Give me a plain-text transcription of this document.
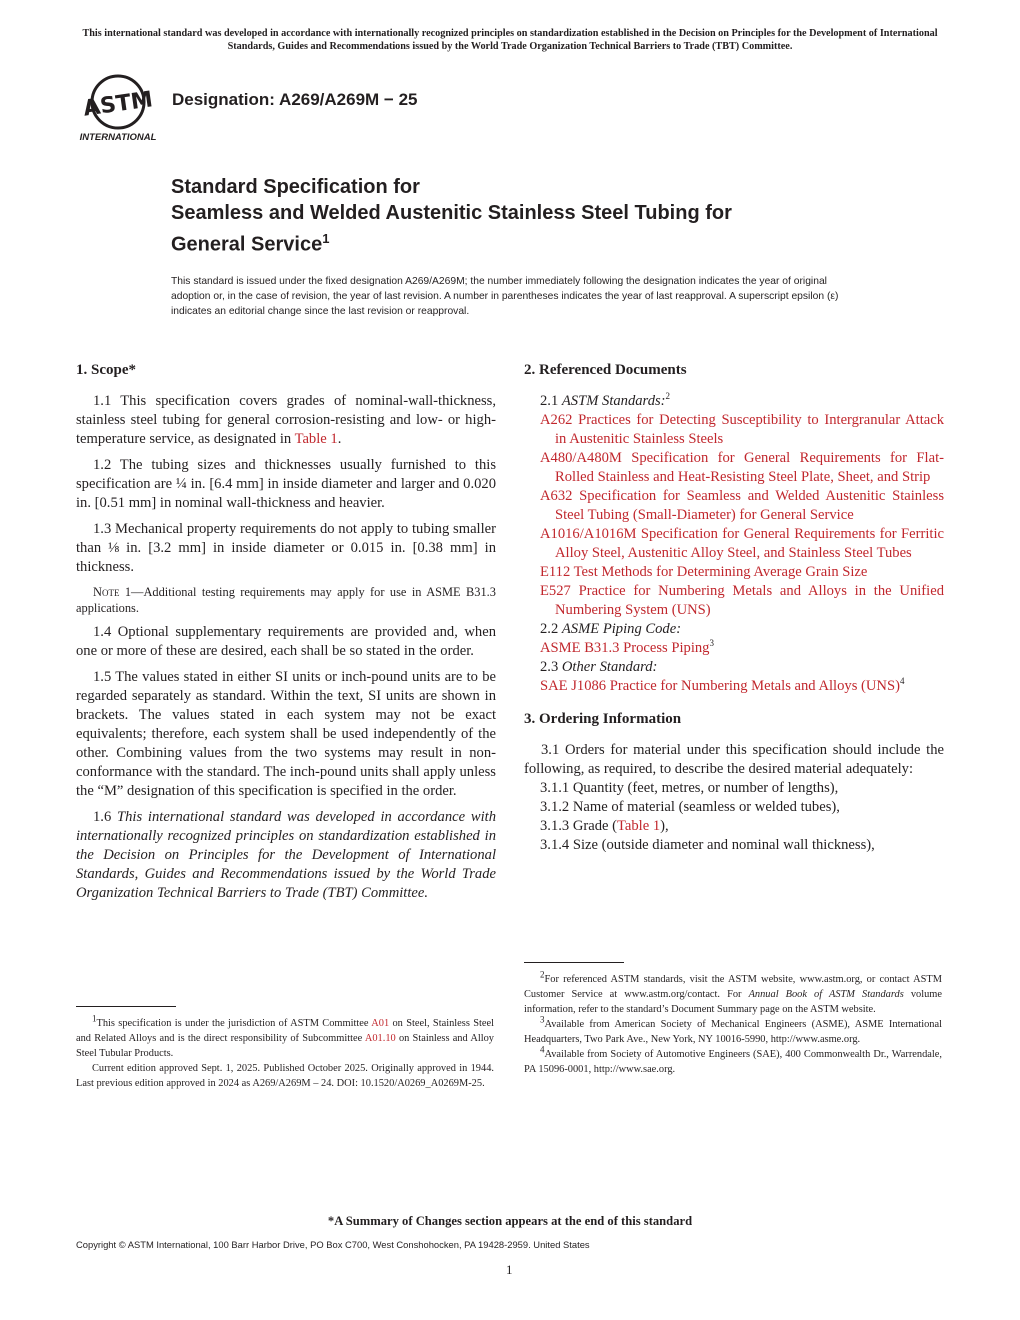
This international standard was developed in accordance with internationally recognized principles on standardization established in the Decision on Principles for the Development of International Standards, Guides and Recommendations issued by the World Trade Organization Technical Barriers to Trade (TBT) Committee.
ASTM
INTERNATIONAL
Designation: A269/A269M − 25
Standard Specification for
Seamless and Welded Austenitic Stainless Steel Tubing for
General Service$^1$
This standard is issued under the fixed designation A269/A269M; the number immediately following the designation indicates the year of original adoption or, in the case of revision, the year of last revision. A number in parentheses indicates the year of last reapproval. A superscript epsilon (ε) indicates an editorial change since the last revision or reapproval.
1. Scope*

1.1 This specification covers grades of nominal-wall-thickness, stainless steel tubing for general corrosion-resisting and low- or high-temperature service, as designated in Table 1.

1.2 The tubing sizes and thicknesses usually furnished to this specification are ¼ in. [6.4 mm] in inside diameter and larger and 0.020 in. [0.51 mm] in nominal wall-thickness and heavier.

1.3 Mechanical property requirements do not apply to tubing smaller than ⅛ in. [3.2 mm] in inside diameter or 0.015 in. [0.38 mm] in thickness.

Note 1—Additional testing requirements may apply for use in ASME B31.3 applications.

1.4 Optional supplementary requirements are provided and, when one or more of these are desired, each shall be so stated in the order.

1.5 The values stated in either SI units or inch-pound units are to be regarded separately as standard. Within the text, SI units are shown in brackets. The values stated in each system may not be exact equivalents; therefore, each system shall be used independently of the other. Combining values from the two systems may result in non-conformance with the standard. The inch-pound units shall apply unless the “M” designation of this specification is specified in the order.

1.6 This international standard was developed in accordance with internationally recognized principles on standardization established in the Decision on Principles for the Development of International Standards, Guides and Recommendations issued by the World Trade Organization Technical Barriers to Trade (TBT) Committee.

1This specification is under the jurisdiction of ASTM Committee A01 on Steel, Stainless Steel and Related Alloys and is the direct responsibility of Subcommittee A01.10 on Stainless and Alloy Steel Tubular Products.

Current edition approved Sept. 1, 2025. Published October 2025. Originally approved in 1944. Last previous edition approved in 2024 as A269/A269M – 24. DOI: 10.1520/A0269_A0269M-25.

2. Referenced Documents

2.1 ASTM Standards:$^2$

A262 Practices for Detecting Susceptibility to Intergranular Attack in Austenitic Stainless Steels

A480/A480M Specification for General Requirements for Flat-Rolled Stainless and Heat-Resisting Steel Plate, Sheet, and Strip

A632 Specification for Seamless and Welded Austenitic Stainless Steel Tubing (Small-Diameter) for General Service

A1016/A1016M Specification for General Requirements for Ferritic Alloy Steel, Austenitic Alloy Steel, and Stainless Steel Tubes

E112 Test Methods for Determining Average Grain Size

E527 Practice for Numbering Metals and Alloys in the Unified Numbering System (UNS)

2.2 ASME Piping Code:

ASME B31.3 Process Piping$^3$

2.3 Other Standard:

SAE J1086 Practice for Numbering Metals and Alloys (UNS)$^4$

3. Ordering Information

3.1 Orders for material under this specification should include the following, as required, to describe the desired material adequately:

3.1.1 Quantity (feet, metres, or number of lengths),

3.1.2 Name of material (seamless or welded tubes),

3.1.3 Grade (Table 1),

3.1.4 Size (outside diameter and nominal wall thickness),

2For referenced ASTM standards, visit the ASTM website, www.astm.org, or contact ASTM Customer Service at www.astm.org/contact. For Annual Book of ASTM Standards volume information, refer to the standard’s Document Summary page on the ASTM website.

3Available from American Society of Mechanical Engineers (ASME), ASME International Headquarters, Two Park Ave., New York, NY 10016-5990, http://www.asme.org.

4Available from Society of Automotive Engineers (SAE), 400 Commonwealth Dr., Warrendale, PA 15096-0001, http://www.sae.org.

*A Summary of Changes section appears at the end of this standard
Copyright © ASTM International, 100 Barr Harbor Drive, PO Box C700, West Conshohocken, PA 19428-2959. United States
1
